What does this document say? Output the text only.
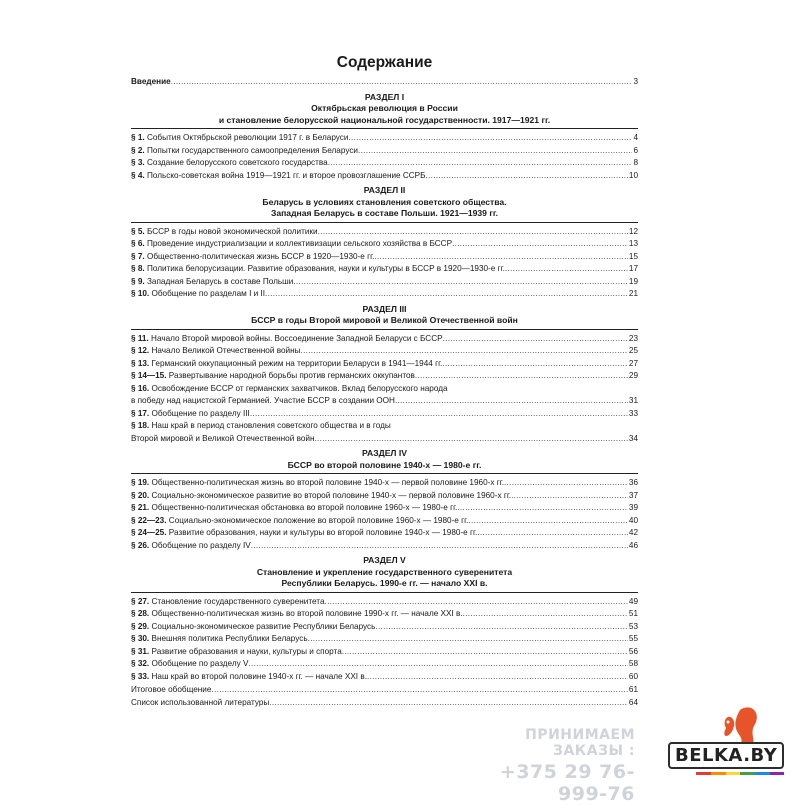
Содержание
Введение .....	3
РАЗДЕЛ I
Октябрьская революция в России
и становление белорусской национальной государственности. 1917—1921 гг.
§ 1. События Октябрьской революции 1917 г. в Беларуси .....	4
§ 2. Попытки государственного самоопределения Беларуси .....	6
§ 3. Создание белорусского советского государства .....	8
§ 4. Польско-советская война 1919—1921 гг. и второе провозглашение ССРБ .....	10
РАЗДЕЛ II
Беларусь в условиях становления советского общества.
Западная Беларусь в составе Польши. 1921—1939 гг.
§ 5. БССР в годы новой экономической политики .....	12
§ 6. Проведение индустриализации и коллективизации сельского хозяйства в БССР .....	13
§ 7. Общественно-политическая жизнь БССР в 1920—1930-е гг. .....	15
§ 8. Политика белорусизации. Развитие образования, науки и культуры в БССР в 1920—1930-е гг. .....	17
§ 9. Западная Беларусь в составе Польши .....	19
§ 10. Обобщение по разделам I и II .....	21
РАЗДЕЛ III
БССР в годы Второй мировой и Великой Отечественной войн
§ 11. Начало Второй мировой войны. Воссоединение Западной Беларуси с БССР .....	23
§ 12. Начало Великой Отечественной войны .....	25
§ 13. Германский оккупационный режим на территории Беларуси в 1941—1944 гг. .....	27
§ 14—15. Развертывание народной борьбы против германских оккупантов .....	29
§ 16. Освобождение БССР от германских захватчиков. Вклад белорусского народа
в победу над нацистской Германией. Участие БССР в создании ООН .....	31
§ 17. Обобщение по разделу III .....	33
§ 18. Наш край в период становления советского общества и в годы
Второй мировой и Великой Отечественной войн .....	34
РАЗДЕЛ IV
БССР во второй половине 1940-х — 1980-е гг.
§ 19. Общественно-политическая жизнь во второй половине 1940-х — первой половине 1960-х гг. .....	36
§ 20. Социально-экономическое развитие во второй половине 1940-х — первой половине 1960-х гг. .....	37
§ 21. Общественно-политическая обстановка во второй половине 1960-х — 1980-е гг. .....	39
§ 22—23. Социально-экономическое положение во второй половине 1960-х — 1980-е гг. .....	40
§ 24—25. Развитие образования, науки и культуры во второй половине 1940-х — 1980-е гг. .....	42
§ 26. Обобщение по разделу IV .....	46
РАЗДЕЛ V
Становление и укрепление государственного суверенитета
Республики Беларусь. 1990-е гг. — начало XXI в.
§ 27. Становление государственного суверенитета .....	49
§ 28. Общественно-политическая жизнь во второй половине 1990-х гг. — начале XXI в. .....	51
§ 29. Социально-экономическое развитие Республики Беларусь .....	53
§ 30. Внешняя политика Республики Беларусь .....	55
§ 31. Развитие образования и науки, культуры и спорта .....	56
§ 32. Обобщение по разделу V .....	58
§ 33. Наш край во второй половине 1940-х гг. — начале XXI в. .....	60
Итоговое обобщение .....	61
Список использованной литературы .....	64
ПРИНИМАЕМ ЗАКАЗЫ :
+375 29 76-999-76
BELKA.BY
